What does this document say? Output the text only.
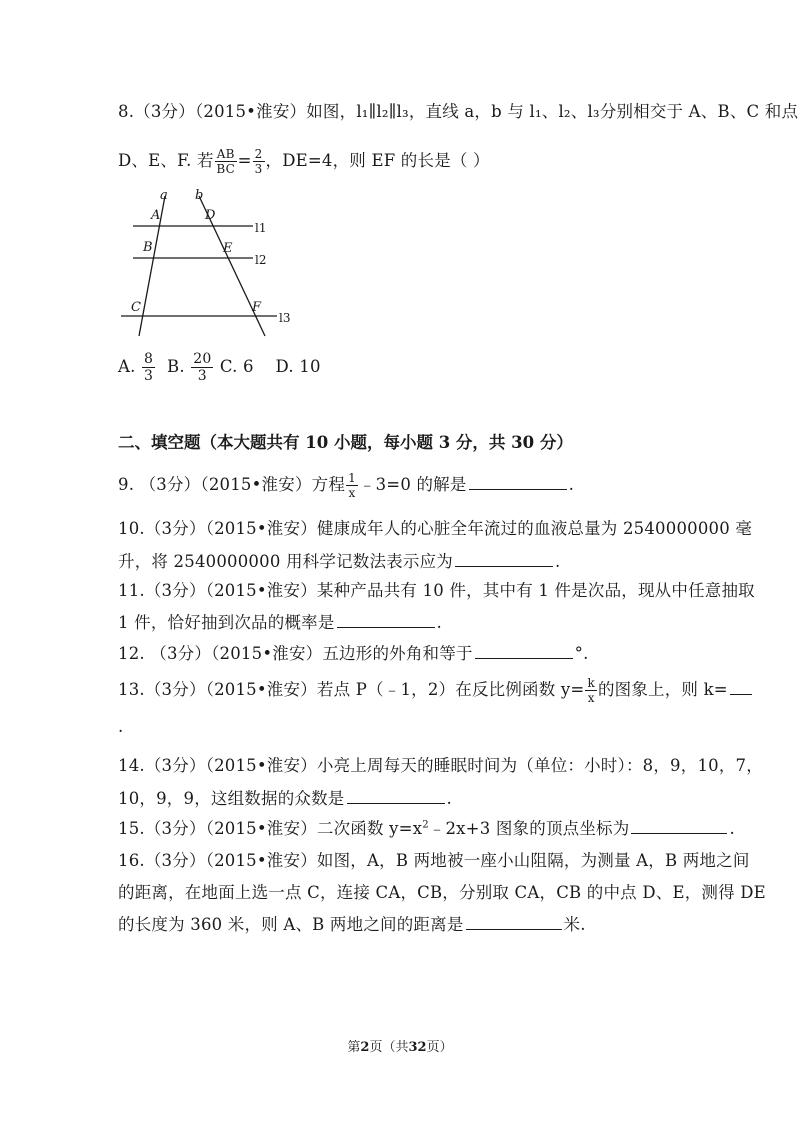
8.（3分）（2015•淮安）如图，l₁∥l₂∥l₃，直线 a，b 与 l₁、l₂、l₃分别相交于 A、B、C 和点
D、E、F. 若 $\frac{AB}{BC} = \frac{2}{3}$ ，DE=4，则 EF 的长是（ ）
a b
A	D
B	E
C	F
l1
l2
l3
A. $\frac{8}{3} B$. $\frac{20}{3} C$. 6 D. 10
二、填空题（本大题共有 10 小题，每小题 3 分，共 30 分）
9. （3分）（2015•淮安）方程 $\frac{1}{x}$ ﹣3=0 的解是	.
10.（3分）（2015•淮安）健康成年人的心脏全年流过的血液总量为 2540000000 毫
升，将 2540000000 用科学记数法表示应为	.
11.（3分）（2015•淮安）某种产品共有 10 件，其中有 1 件是次品，现从中任意抽取
1 件，恰好抽到次品的概率是	.
12. （3分）（2015•淮安）五边形的外角和等于	°.
13.（3分）（2015•淮安）若点 P（﹣1，2）在反比例函数 $y= \frac{k}{x}$ 的图象上，则 k=
.
14.（3分）（2015•淮安）小亮上周每天的睡眠时间为（单位：小时）：8，9，10，7，
10，9，9，这组数据的众数是	.
15.（3分）（2015•淮安）二次函数 $y=x^2﹣2x+3$ 图象的顶点坐标为	.
16.（3分）（2015•淮安）如图，A，B 两地被一座小山阻隔，为测量 A，B 两地之间
的距离，在地面上选一点 C，连接 CA，CB，分别取 CA，CB 的中点 D、E，测得 DE
的长度为 360 米，则 A、B 两地之间的距离是	米.
第2页（共32页）
